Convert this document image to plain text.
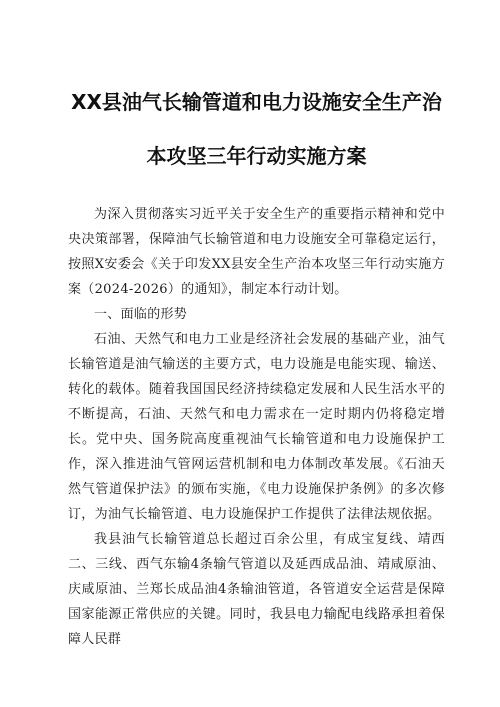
XX县油气长输管道和电力设施安全生产治
本攻坚三年行动实施方案

为深入贯彻落实习近平关于安全生产的重要指示精神和党中央决策部署，保障油气长输管道和电力设施安全可靠稳定运行，按照X安委会《关于印发XX县安全生产治本攻坚三年行动实施方案（2024-2026）的通知》，制定本行动计划。

一、面临的形势

石油、天然气和电力工业是经济社会发展的基础产业，油气长输管道是油气输送的主要方式，电力设施是电能实现、输送、转化的载体。随着我国国民经济持续稳定发展和人民生活水平的不断提高，石油、天然气和电力需求在一定时期内仍将稳定增长。党中央、国务院高度重视油气长输管道和电力设施保护工作，深入推进油气管网运营机制和电力体制改革发展。《石油天然气管道保护法》的颁布实施，《电力设施保护条例》的多次修订，为油气长输管道、电力设施保护工作提供了法律法规依据。

我县油气长输管道总长超过百余公里，有成宝复线、靖西二、三线、西气东输4条输气管道以及延西成品油、靖咸原油、庆咸原油、兰郑长成品油4条输油管道，各管道安全运营是保障国家能源正常供应的关键。同时，我县电力输配电线路承担着保障人民群
